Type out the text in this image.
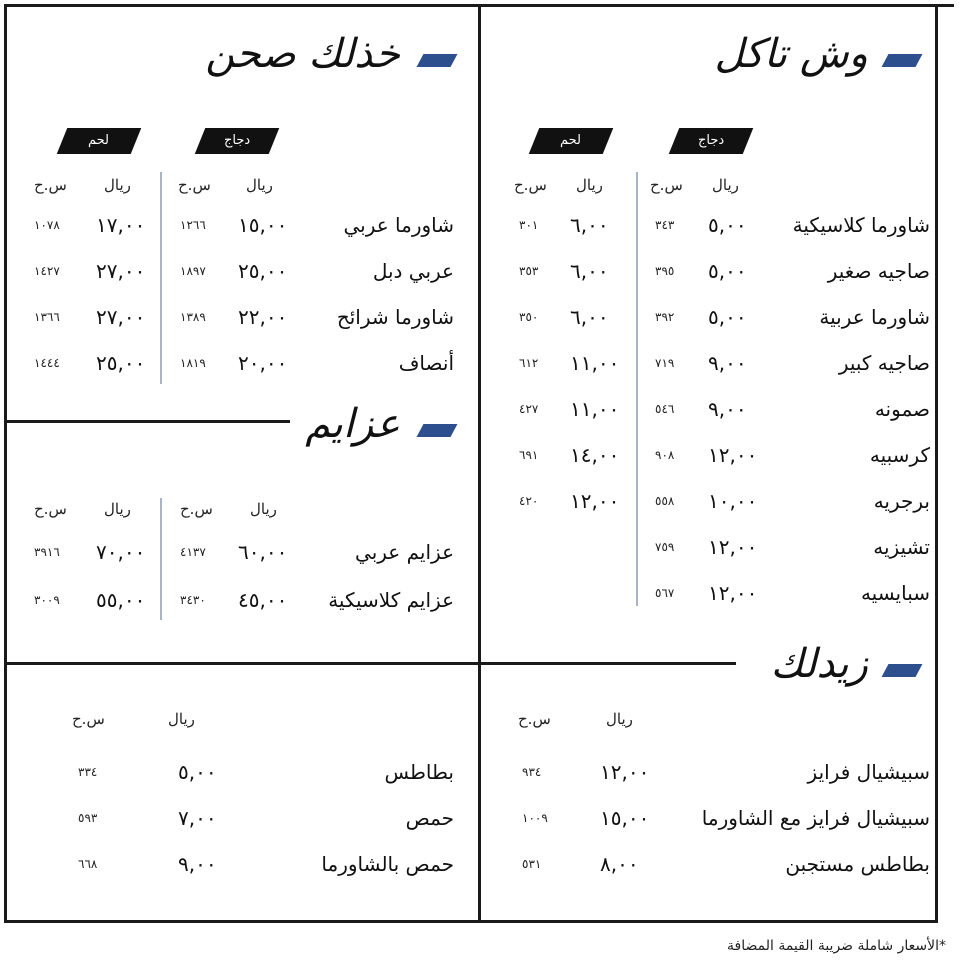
وش تاكل
دجاج
لحم
ريال
س.ح
ريال
س.ح
شاورما كلاسيكية
٥,٠٠
٣٤٣
٦,٠٠
٣٠١
صاجيه صغير
٥,٠٠
٣٩٥
٦,٠٠
٣٥٣
شاورما عربية
٥,٠٠
٣٩٢
٦,٠٠
٣٥٠
صاجيه كبير
٩,٠٠
٧١٩
١١,٠٠
٦١٢
صمونه
٩,٠٠
٥٤٦
١١,٠٠
٤٢٧
كرسبيه
١٢,٠٠
٩٠٨
١٤,٠٠
٦٩١
برجريه
١٠,٠٠
٥٥٨
١٢,٠٠
٤٢٠
تشيزيه
١٢,٠٠
٧٥٩
سبايسيه
١٢,٠٠
٥٦٧
خذلك صحن
دجاج
لحم
ريال
س.ح
ريال
س.ح
شاورما عربي
١٥,٠٠
١٢٦٦
١٧,٠٠
١٠٧٨
عربي دبل
٢٥,٠٠
١٨٩٧
٢٧,٠٠
١٤٢٧
شاورما شرائح
٢٢,٠٠
١٣٨٩
٢٧,٠٠
١٣٦٦
أنصاف
٢٠,٠٠
١٨١٩
٢٥,٠٠
١٤٤٤
عزايم
ريال
س.ح
ريال
س.ح
عزايم عربي
٦٠,٠٠
٤١٣٧
٧٠,٠٠
٣٩١٦
عزايم كلاسيكية
٤٥,٠٠
٣٤٣٠
٥٥,٠٠
٣٠٠٩
زيدلك
ريال
س.ح
سبيشيال فرايز
١٢,٠٠
٩٣٤
سبيشيال فرايز مع الشاورما
١٥,٠٠
١٠٠٩
بطاطس مستجبن
٨,٠٠
٥٣١
ريال
س.ح
بطاطس
٥,٠٠
٣٣٤
حمص
٧,٠٠
٥٩٣
حمص بالشاورما
٩,٠٠
٦٦٨
*الأسعار شاملة ضريبة القيمة المضافة
